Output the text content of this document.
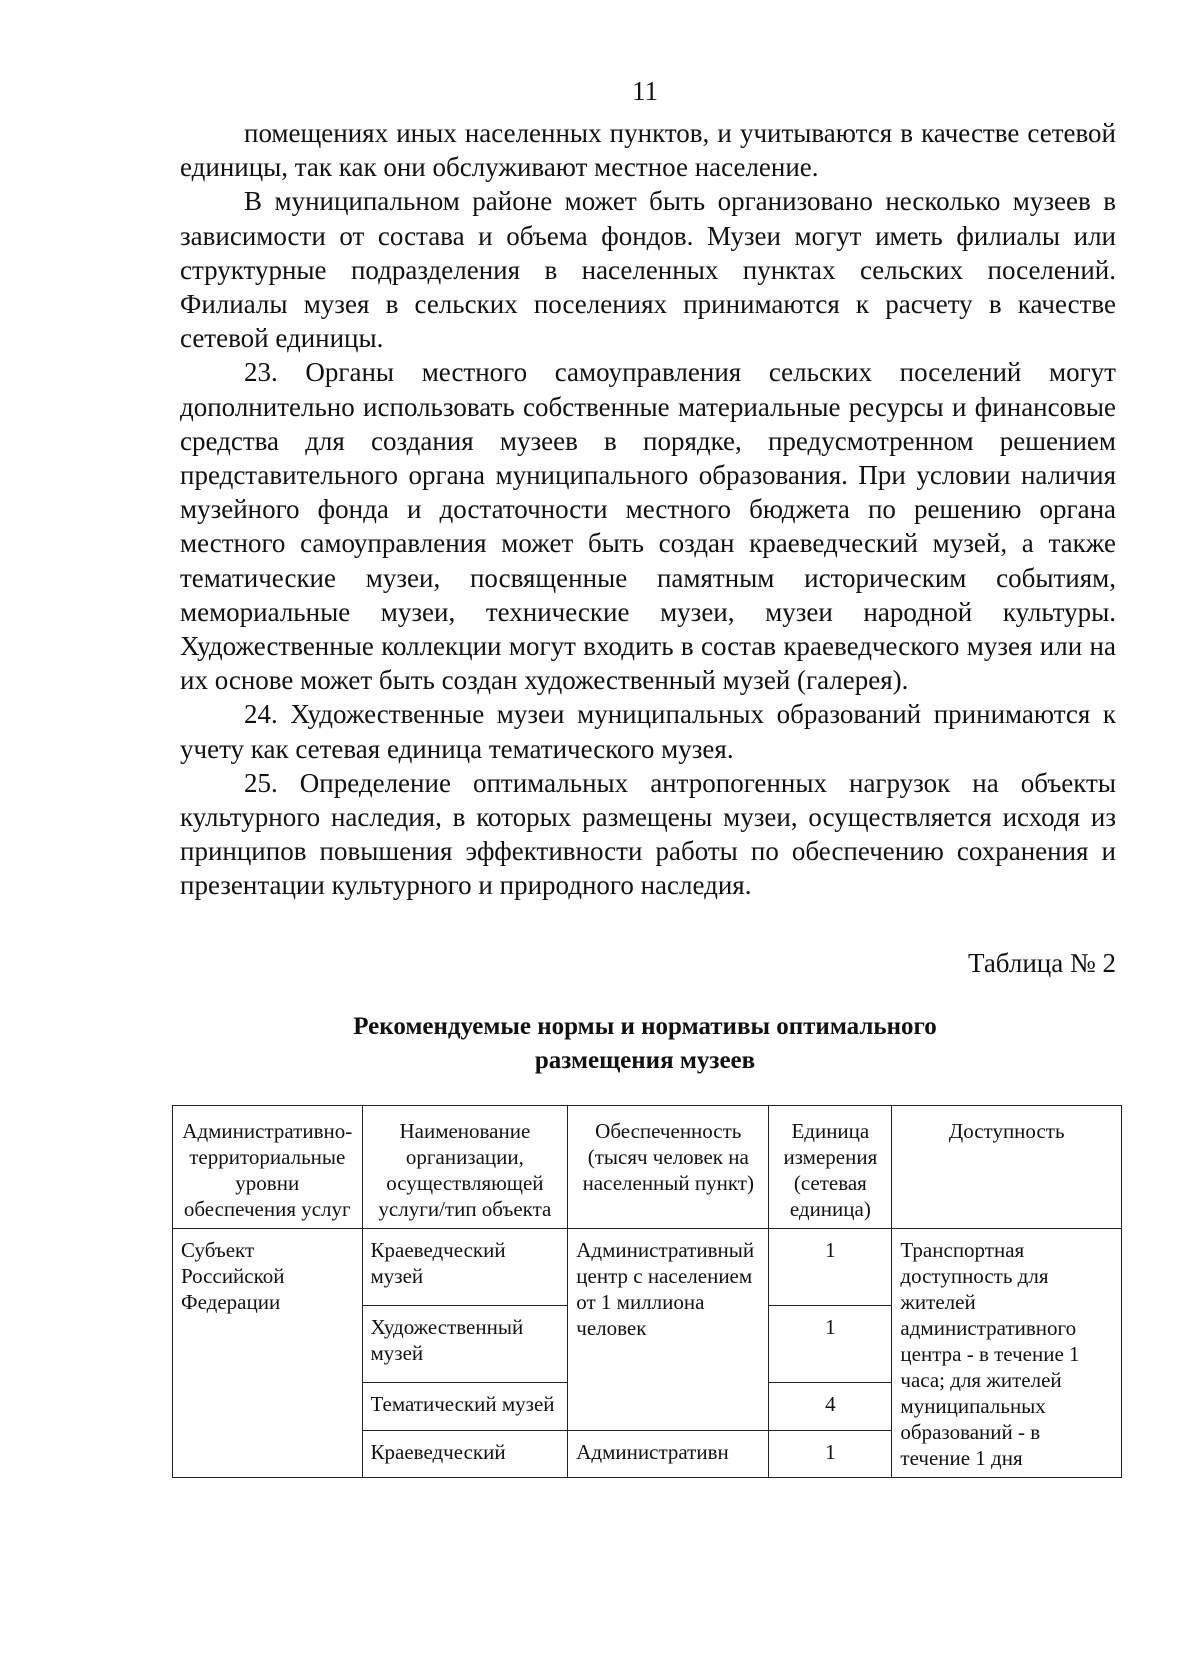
11

помещениях иных населенных пунктов, и учитываются в качестве сетевой единицы, так как они обслуживают местное население.

В муниципальном районе может быть организовано несколько музеев в зависимости от состава и объема фондов. Музеи могут иметь филиалы или структурные подразделения в населенных пунктах сельских поселений. Филиалы музея в сельских поселениях принимаются к расчету в качестве сетевой единицы.

23. Органы местного самоуправления сельских поселений могут дополнительно использовать собственные материальные ресурсы и финансовые средства для создания музеев в порядке, предусмотренном решением представительного органа муниципального образования. При условии наличия музейного фонда и достаточности местного бюджета по решению органа местного самоуправления может быть создан краеведческий музей, а также тематические музеи, посвященные памятным историческим событиям, мемориальные музеи, технические музеи, музеи народной культуры. Художественные коллекции могут входить в состав краеведческого музея или на их основе может быть создан художественный музей (галерея).

24. Художественные музеи муниципальных образований принимаются к учету как сетевая единица тематического музея.

25. Определение оптимальных антропогенных нагрузок на объекты культурного наследия, в которых размещены музеи, осуществляется исходя из принципов повышения эффективности работы по обеспечению сохранения и презентации культурного и природного наследия.

Таблица № 2
Рекомендуемые нормы и нормативы оптимального
размещения музеев
Административно-территориальные уровни обеспечения услуг	Наименование организации, осуществляющей услуги/тип объекта	Обеспеченность (тысяч человек на населенный пункт)	Единица измерения (сетевая единица)	Доступность
Субъект Российской Федерации	Краеведческий музей	Административный центр с населением от 1 миллиона человек	1	Транспортная доступность для жителей административного центра - в течение 1 часа; для жителей муниципальных образований - в течение 1 дня
	Художественный музей		1	
	Тематический музей		4	
	Краеведческий	Административн	1	
